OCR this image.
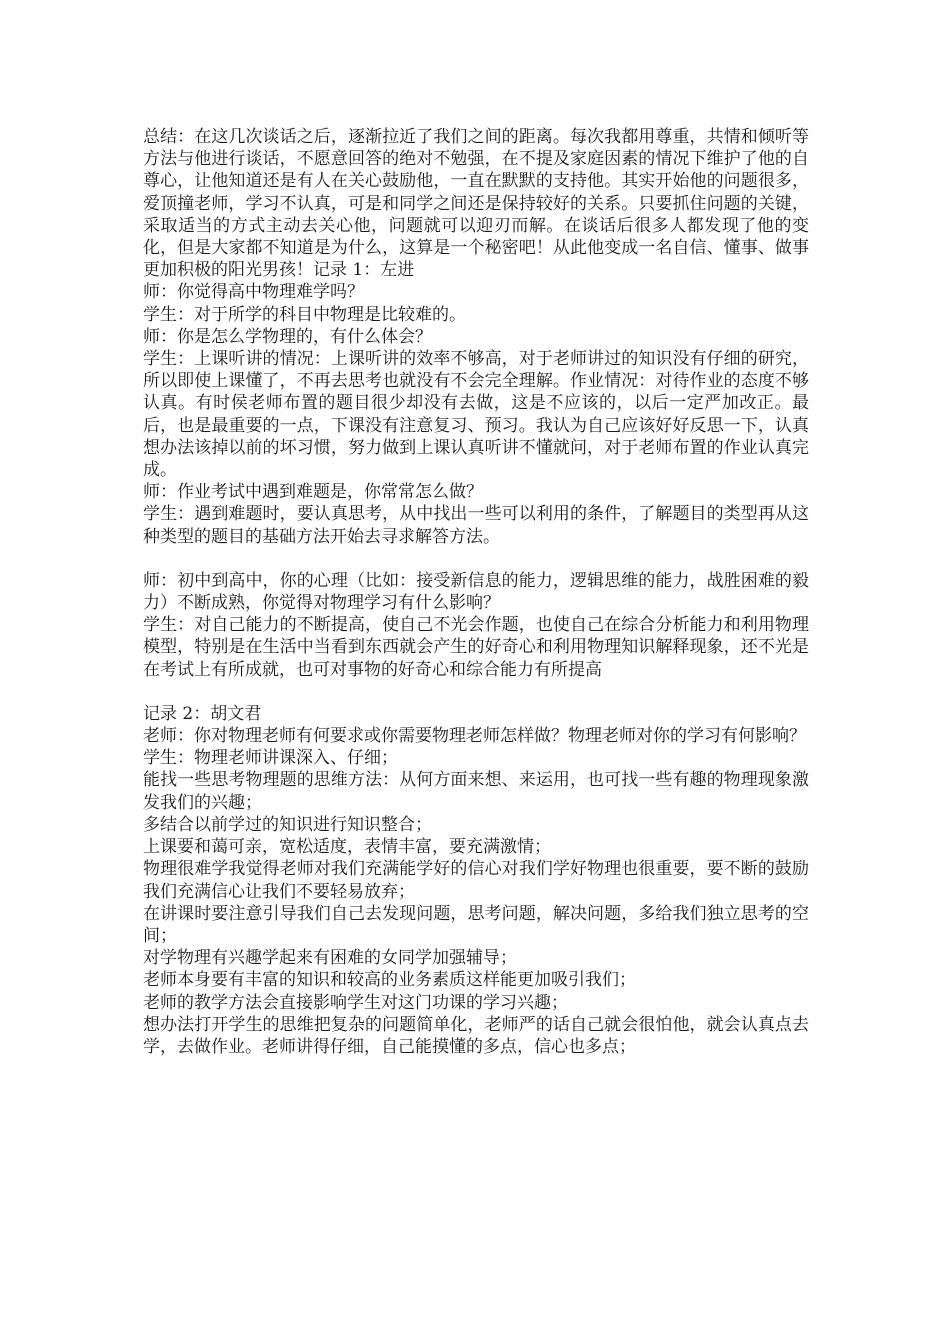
总结：在这几次谈话之后，逐渐拉近了我们之间的距离。每次我都用尊重，共情和倾听等方法与他进行谈话，不愿意回答的绝对不勉强，在不提及家庭因素的情况下维护了他的自尊心，让他知道还是有人在关心鼓励他，一直在默默的支持他。其实开始他的问题很多，爱顶撞老师，学习不认真，可是和同学之间还是保持较好的关系。只要抓住问题的关键，采取适当的方式主动去关心他，问题就可以迎刃而解。在谈话后很多人都发现了他的变化，但是大家都不知道是为什么，这算是一个秘密吧！从此他变成一名自信、懂事、做事更加积极的阳光男孩！记录 1：左进

师：你觉得高中物理难学吗？

学生：对于所学的科目中物理是比较难的。

师：你是怎么学物理的，有什么体会？

学生：上课听讲的情况：上课听讲的效率不够高，对于老师讲过的知识没有仔细的研究，所以即使上课懂了，不再去思考也就没有不会完全理解。作业情况：对待作业的态度不够认真。有时侯老师布置的题目很少却没有去做，这是不应该的，以后一定严加改正。最后，也是最重要的一点，下课没有注意复习、预习。我认为自己应该好好反思一下，认真想办法该掉以前的坏习惯，努力做到上课认真听讲不懂就问，对于老师布置的作业认真完成。

师：作业考试中遇到难题是，你常常怎么做？

学生：遇到难题时，要认真思考，从中找出一些可以利用的条件，了解题目的类型再从这种类型的题目的基础方法开始去寻求解答方法。

师：初中到高中，你的心理（比如：接受新信息的能力，逻辑思维的能力，战胜困难的毅力）不断成熟，你觉得对物理学习有什么影响？

学生：对自己能力的不断提高，使自己不光会作题，也使自己在综合分析能力和利用物理模型，特别是在生活中当看到东西就会产生的好奇心和利用物理知识解释现象，还不光是在考试上有所成就，也可对事物的好奇心和综合能力有所提高

记录 2：胡文君

老师：你对物理老师有何要求或你需要物理老师怎样做？物理老师对你的学习有何影响？

学生：物理老师讲课深入、仔细；

能找一些思考物理题的思维方法：从何方面来想、来运用，也可找一些有趣的物理现象激发我们的兴趣；

多结合以前学过的知识进行知识整合；

上课要和蔼可亲，宽松适度，表情丰富，要充满激情；

物理很难学我觉得老师对我们充满能学好的信心对我们学好物理也很重要，要不断的鼓励我们充满信心让我们不要轻易放弃；

在讲课时要注意引导我们自己去发现问题，思考问题，解决问题，多给我们独立思考的空间；

对学物理有兴趣学起来有困难的女同学加强辅导；

老师本身要有丰富的知识和较高的业务素质这样能更加吸引我们；

老师的教学方法会直接影响学生对这门功课的学习兴趣；

想办法打开学生的思维把复杂的问题简单化，老师严的话自己就会很怕他，就会认真点去学，去做作业。老师讲得仔细，自己能摸懂的多点，信心也多点；
